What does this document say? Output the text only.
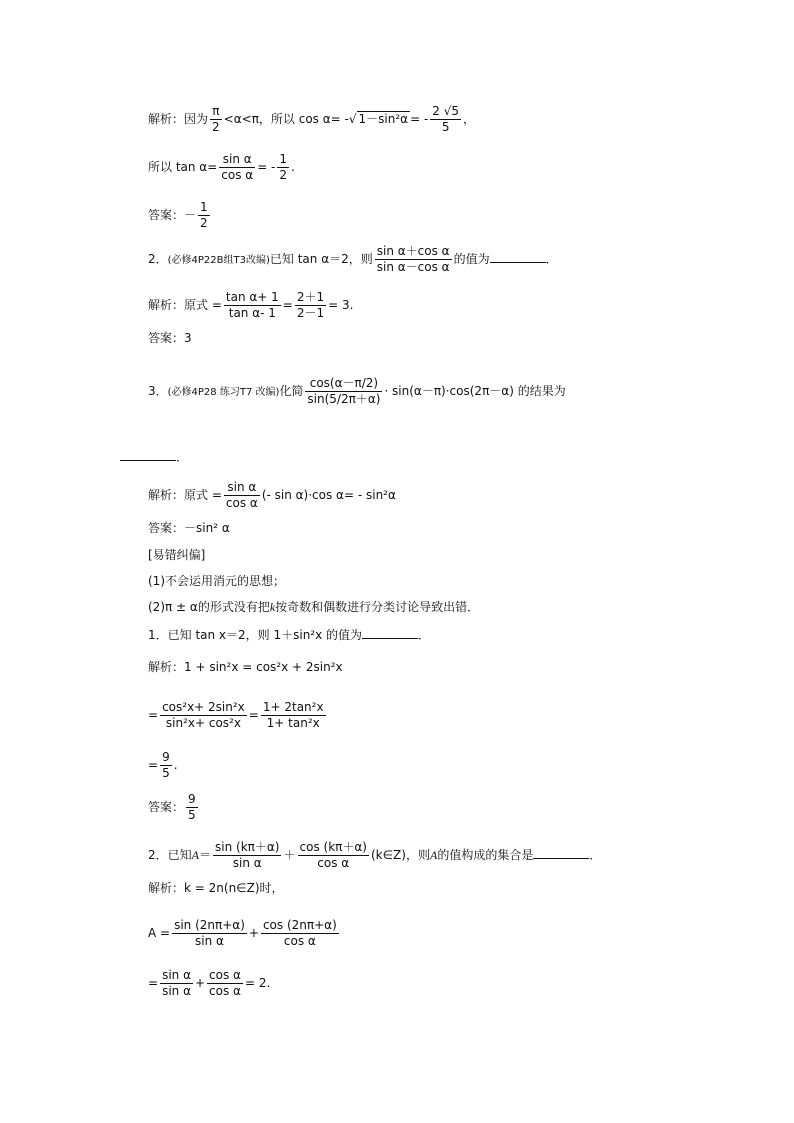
解析：因为 $\frac{\pi}{2} <\alpha<\pi$，所以 cos α= ‑√ 1－sin²α = ‑ $\frac{2 √5}{5}$ ，
所以 $\tan \alpha= \frac{\text{sin α}}{\text{cos α}}$ = ‑ $\frac{1}{2}$ .
答案：－ $\frac{1}{2}$
2．(必修4P22B组T3改编)已知 tan α＝2，则 $\frac{\text{sin α＋cos α}}{\text{sin α－cos α}}$ 的值为	．
解析：原式 = $\frac{\text{tan α+ 1}}{\text{tan α‑ 1}} = \frac{2+1}{2-1} = 3$.
答案：3
3．(必修4P28 练习T7 改编)化简 $\frac{\cos(\alpha-\pi/2)}{\sin(5/2\pi+\alpha)} \cdot \sin(\alpha-\pi)\cdot\cos(2\pi-\alpha)$ 的结果为
．
解析：原式 = $\frac{\text{sin α}}{\text{cos α}}$ (‑ sin α)·cos α= ‑ sin²α
答案：－sin² α
[易错纠偏]
(1)不会运用消元的思想；
(2)π ± α的形式没有把k按奇数和偶数进行分类讨论导致出错．
1．已知 tan x＝2，则 1＋sin²x 的值为	．
解析：1 + sin²x = cos²x + 2sin²x
= $\frac{\text{cos²x+ 2sin²x}}{\text{sin²x+ cos²x}} = \frac{\text{1+ 2tan²x}}{\text{1+ tan²x}}$
= $\frac{9}{5}$ .
答案： $\frac{9}{5}$
2．已知$A= \frac{\sin (k\pi+\alpha)}{\text{sin α}} + \frac{\cos (k\pi+\alpha)}{\text{cos α}}$ (k∈Z)，则A的值构成的集合是	．
解析：k = 2n(n∈Z)时，
$A = \frac{\sin (2n\pi+\alpha)}{\text{sin α}} + \frac{\cos (2n\pi+\alpha)}{\text{cos α}}$
= $\frac{\text{sin α}}{\text{sin α}} + \frac{\text{cos α}}{\text{cos α}} = 2$.
